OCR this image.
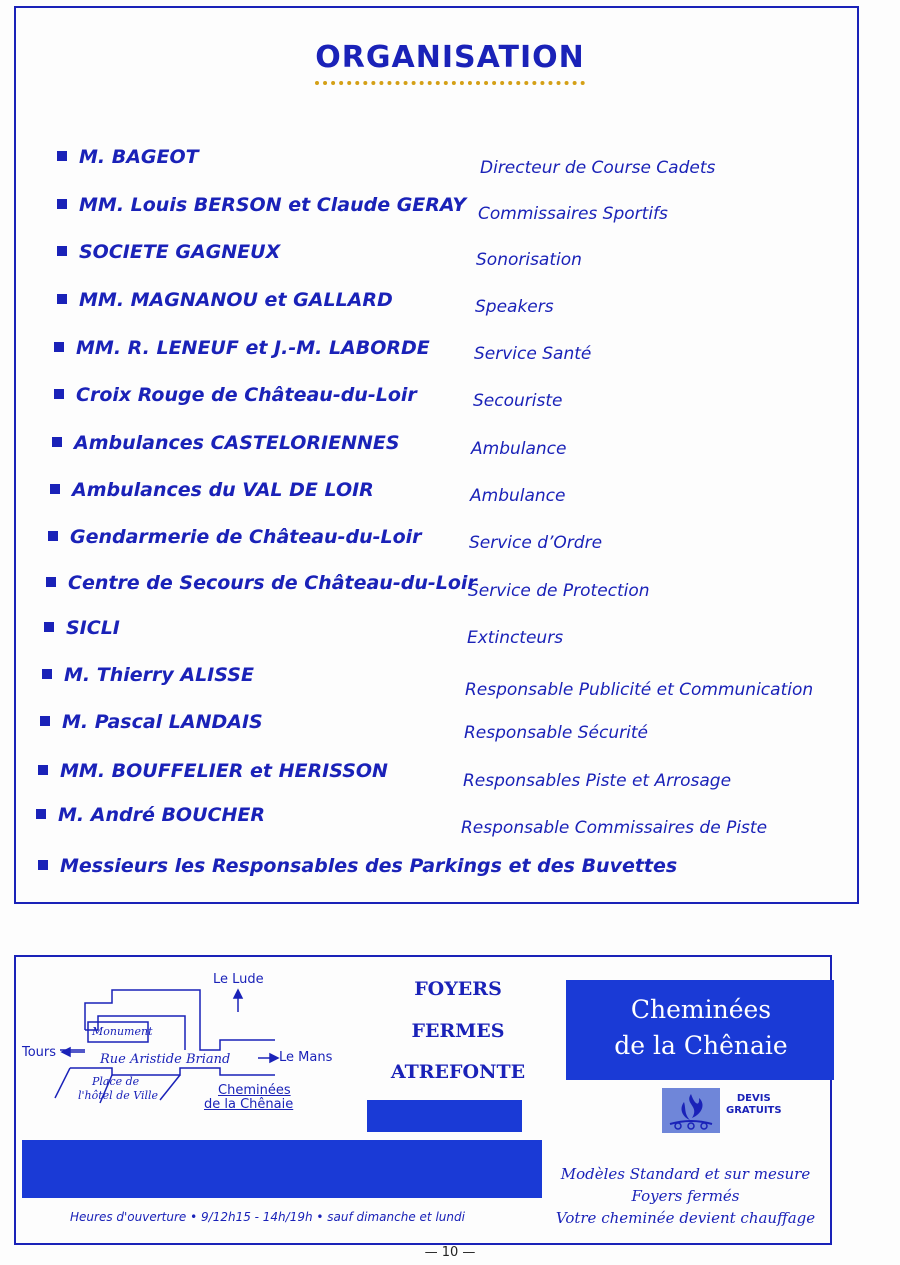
ORGANISATION
M. BAGEOT
MM. Louis BERSON et Claude GERAY
SOCIETE GAGNEUX
MM. MAGNANOU et GALLARD
MM. R. LENEUF et J.-M. LABORDE
Croix Rouge de Château-du-Loir
Ambulances CASTELORIENNES
Ambulances du VAL DE LOIR
Gendarmerie de Château-du-Loir
Centre de Secours de Château-du-Loir
SICLI
M. Thierry ALISSE
M. Pascal LANDAIS
MM. BOUFFELIER et HERISSON
M. André BOUCHER
Directeur de Course Cadets
Commissaires Sportifs
Sonorisation
Speakers
Service Santé
Secouriste
Ambulance
Ambulance
Service d’Ordre
Service de Protection
Extincteurs
Responsable Publicité et Communication
Responsable Sécurité
Responsables Piste et Arrosage
Responsable Commissaires de Piste
Messieurs les Responsables des Parkings et des Buvettes
Le Lude
Tours	Le Mans
Monument
Rue Aristide Briand
Place de
l'hôtel de Ville	Cheminées
de la Chênaie
FOYERS
FERMES
ATREFONTE
Cheminées
de la Chênaie
DEVIS
GRATUITS
Modèles Standard et sur mesure
Foyers fermés
Votre cheminée devient chauffage
Heures d'ouverture • 9/12h15 - 14h/19h • sauf dimanche et lundi
— 10 —
